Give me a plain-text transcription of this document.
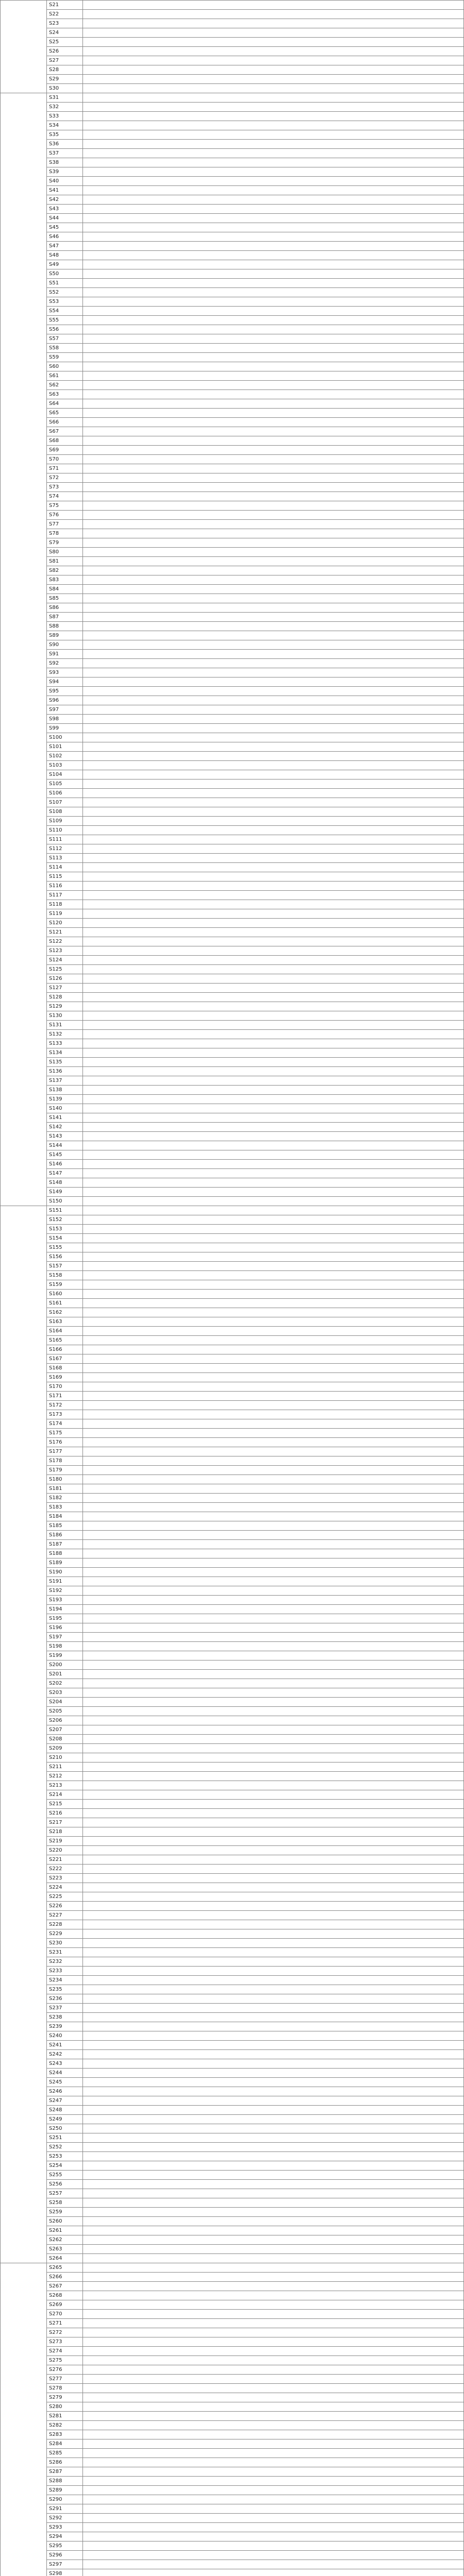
	S21	
	S22	
	S23	
	S24	
	S25	
	S26	
	S27	
	S28	
	S29	
	S30	
	S31	
	S32	
	S33	
	S34	
	S35	
	S36	
	S37	
	S38	
	S39	
	S40	
	S41	
	S42	
	S43	
	S44	
	S45	
	S46	
	S47	
	S48	
	S49	
	S50	
	S51	
	S52	
	S53	
	S54	
	S55	
	S56	
	S57	
	S58	
	S59	
	S60	
	S61	
	S62	
	S63	
	S64	
	S65	
	S66	
	S67	
	S68	
	S69	
	S70	
	S71	
	S72	
	S73	
	S74	
	S75	
	S76	
	S77	
	S78	
	S79	
	S80	
	S81	
	S82	
	S83	
	S84	
	S85	
	S86	
	S87	
	S88	
	S89	
	S90	
	S91	
	S92	
	S93	
	S94	
	S95	
	S96	
	S97	
	S98	
	S99	
	S100	
	S101	
	S102	
	S103	
	S104	
	S105	
	S106	
	S107	
	S108	
	S109	
	S110	
	S111	
	S112	
	S113	
	S114	
	S115	
	S116	
	S117	
	S118	
	S119	
	S120	
	S121	
	S122	
	S123	
	S124	
	S125	
	S126	
	S127	
	S128	
	S129	
	S130	
	S131	
	S132	
	S133	
	S134	
	S135	
	S136	
	S137	
	S138	
	S139	
	S140	
	S141	
	S142	
	S143	
	S144	
	S145	
	S146	
	S147	
	S148	
	S149	
	S150	
	S151	
	S152	
	S153	
	S154	
	S155	
	S156	
	S157	
	S158	
	S159	
	S160	
	S161	
	S162	
	S163	
	S164	
	S165	
	S166	
	S167	
	S168	
	S169	
	S170	
	S171	
	S172	
	S173	
	S174	
	S175	
	S176	
	S177	
	S178	
	S179	
	S180	
	S181	
	S182	
	S183	
	S184	
	S185	
	S186	
	S187	
	S188	
	S189	
	S190	
	S191	
	S192	
	S193	
	S194	
	S195	
	S196	
	S197	
	S198	
	S199	
	S200	
	S201	
	S202	
	S203	
	S204	
	S205	
	S206	
	S207	
	S208	
	S209	
	S210	
	S211	
	S212	
	S213	
	S214	
	S215	
	S216	
	S217	
	S218	
	S219	
	S220	
	S221	
	S222	
	S223	
	S224	
	S225	
	S226	
	S227	
	S228	
	S229	
	S230	
	S231	
	S232	
	S233	
	S234	
	S235	
	S236	
	S237	
	S238	
	S239	
	S240	
	S241	
	S242	
	S243	
	S244	
	S245	
	S246	
	S247	
	S248	
	S249	
	S250	
	S251	
	S252	
	S253	
	S254	
	S255	
	S256	
	S257	
	S258	
	S259	
	S260	
	S261	
	S262	
	S263	
	S264	
	S265	
	S266	
	S267	
	S268	
	S269	
	S270	
	S271	
	S272	
	S273	
	S274	
	S275	
	S276	
	S277	
	S278	
	S279	
	S280	
	S281	
	S282	
	S283	
	S284	
	S285	
	S286	
	S287	
	S288	
	S289	
	S290	
	S291	
	S292	
	S293	
	S294	
	S295	
	S296	
	S297	
	S298	
